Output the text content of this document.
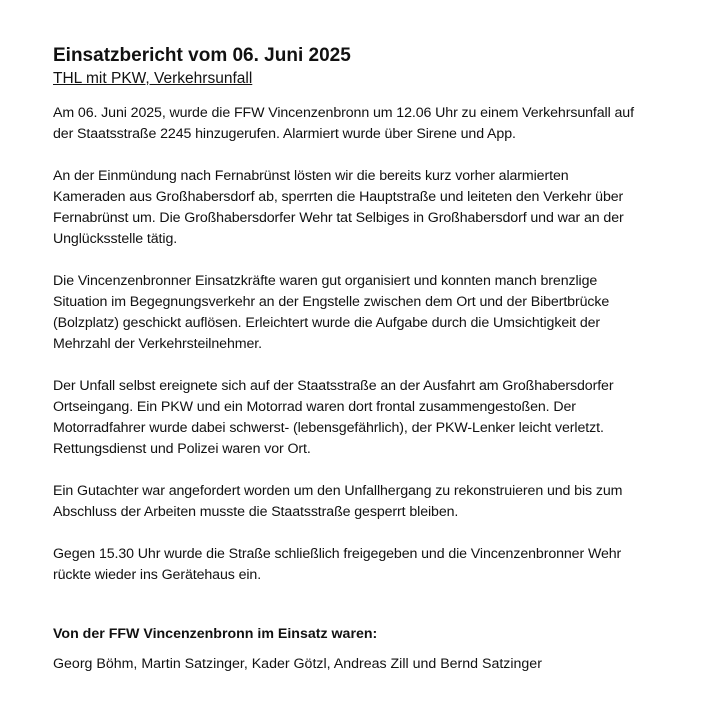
Einsatzbericht vom 06. Juni 2025
THL mit PKW, Verkehrsunfall

Am 06. Juni 2025, wurde die FFW Vincenzenbronn um 12.06 Uhr zu einem Verkehrsunfall auf
der Staatsstraße 2245 hinzugerufen. Alarmiert wurde über Sirene und App.

An der Einmündung nach Fernabrünst lösten wir die bereits kurz vorher alarmierten
Kameraden aus Großhabersdorf ab, sperrten die Hauptstraße und leiteten den Verkehr über
Fernabrünst um. Die Großhabersdorfer Wehr tat Selbiges in Großhabersdorf und war an der
Unglücksstelle tätig.

Die Vincenzenbronner Einsatzkräfte waren gut organisiert und konnten manch brenzlige
Situation im Begegnungsverkehr an der Engstelle zwischen dem Ort und der Bibertbrücke
(Bolzplatz) geschickt auflösen. Erleichtert wurde die Aufgabe durch die Umsichtigkeit der
Mehrzahl der Verkehrsteilnehmer.

Der Unfall selbst ereignete sich auf der Staatsstraße an der Ausfahrt am Großhabersdorfer
Ortseingang. Ein PKW und ein Motorrad waren dort frontal zusammengestoßen. Der
Motorradfahrer wurde dabei schwerst- (lebensgefährlich), der PKW-Lenker leicht verletzt.
Rettungsdienst und Polizei waren vor Ort.

Ein Gutachter war angefordert worden um den Unfallhergang zu rekonstruieren und bis zum
Abschluss der Arbeiten musste die Staatsstraße gesperrt bleiben.

Gegen 15.30 Uhr wurde die Straße schließlich freigegeben und die Vincenzenbronner Wehr
rückte wieder ins Gerätehaus ein.

Von der FFW Vincenzenbronn im Einsatz waren:
Georg Böhm, Martin Satzinger, Kader Götzl, Andreas Zill und Bernd Satzinger
